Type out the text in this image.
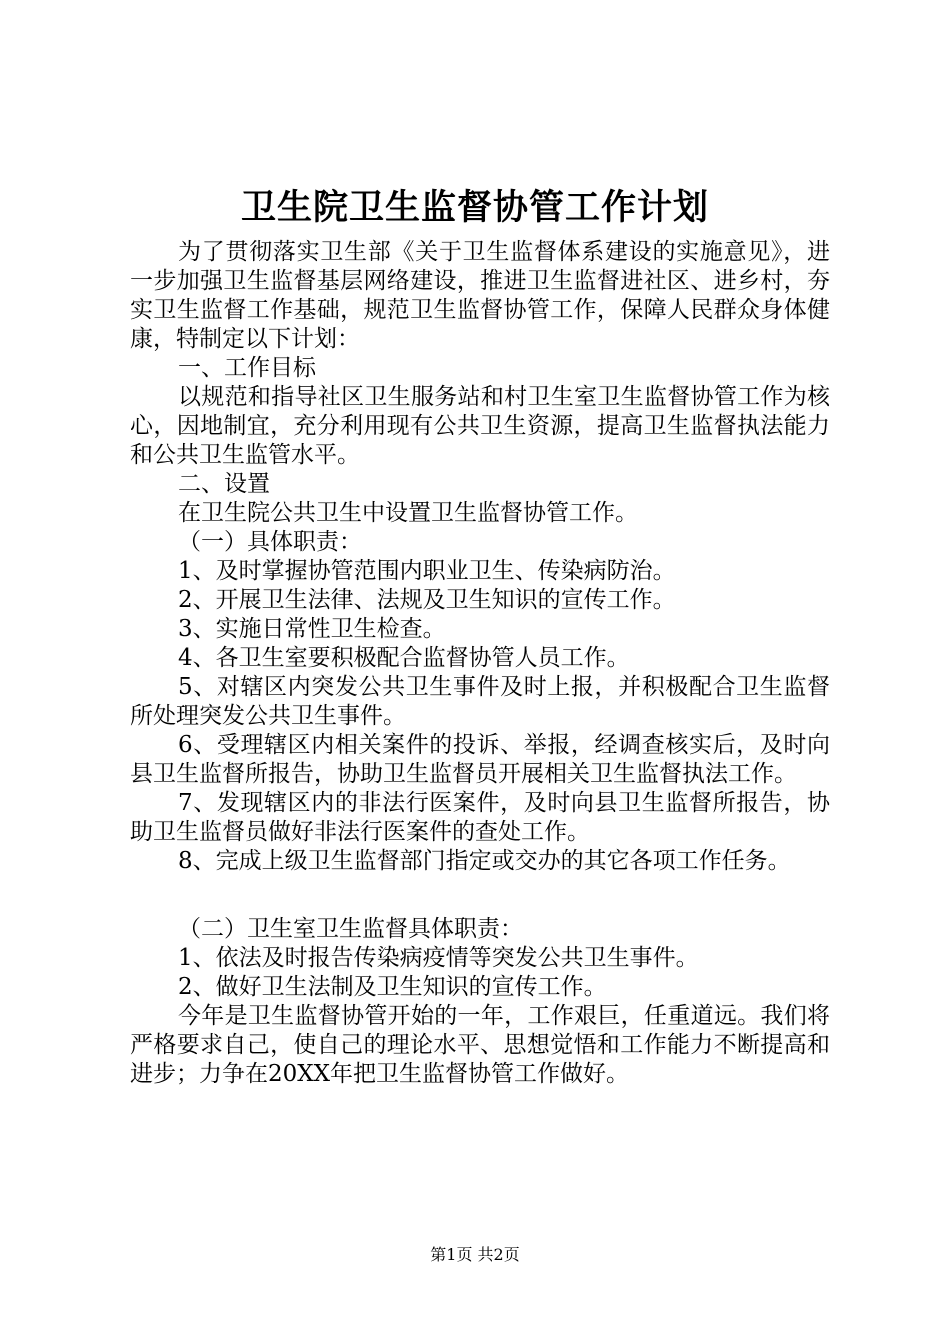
卫生院卫生监督协管工作计划

为了贯彻落实卫生部《关于卫生监督体系建设的实施意见》，进一步加强卫生监督基层网络建设，推进卫生监督进社区、进乡村，夯实卫生监督工作基础，规范卫生监督协管工作，保障人民群众身体健康，特制定以下计划：

一、工作目标

以规范和指导社区卫生服务站和村卫生室卫生监督协管工作为核心，因地制宜，充分利用现有公共卫生资源，提高卫生监督执法能力和公共卫生监管水平。

二、设置

在卫生院公共卫生中设置卫生监督协管工作。

（一）具体职责：

1、及时掌握协管范围内职业卫生、传染病防治。

2、开展卫生法律、法规及卫生知识的宣传工作。

3、实施日常性卫生检查。

4、各卫生室要积极配合监督协管人员工作。

5、对辖区内突发公共卫生事件及时上报，并积极配合卫生监督所处理突发公共卫生事件。

6、受理辖区内相关案件的投诉、举报，经调查核实后，及时向县卫生监督所报告，协助卫生监督员开展相关卫生监督执法工作。

7、发现辖区内的非法行医案件，及时向县卫生监督所报告，协助卫生监督员做好非法行医案件的查处工作。

8、完成上级卫生监督部门指定或交办的其它各项工作任务。

（二）卫生室卫生监督具体职责：

1、依法及时报告传染病疫情等突发公共卫生事件。

2、做好卫生法制及卫生知识的宣传工作。

今年是卫生监督协管开始的一年，工作艰巨，任重道远。我们将严格要求自己，使自己的理论水平、思想觉悟和工作能力不断提高和进步；力争在20XX年把卫生监督协管工作做好。

第1页 共2页
